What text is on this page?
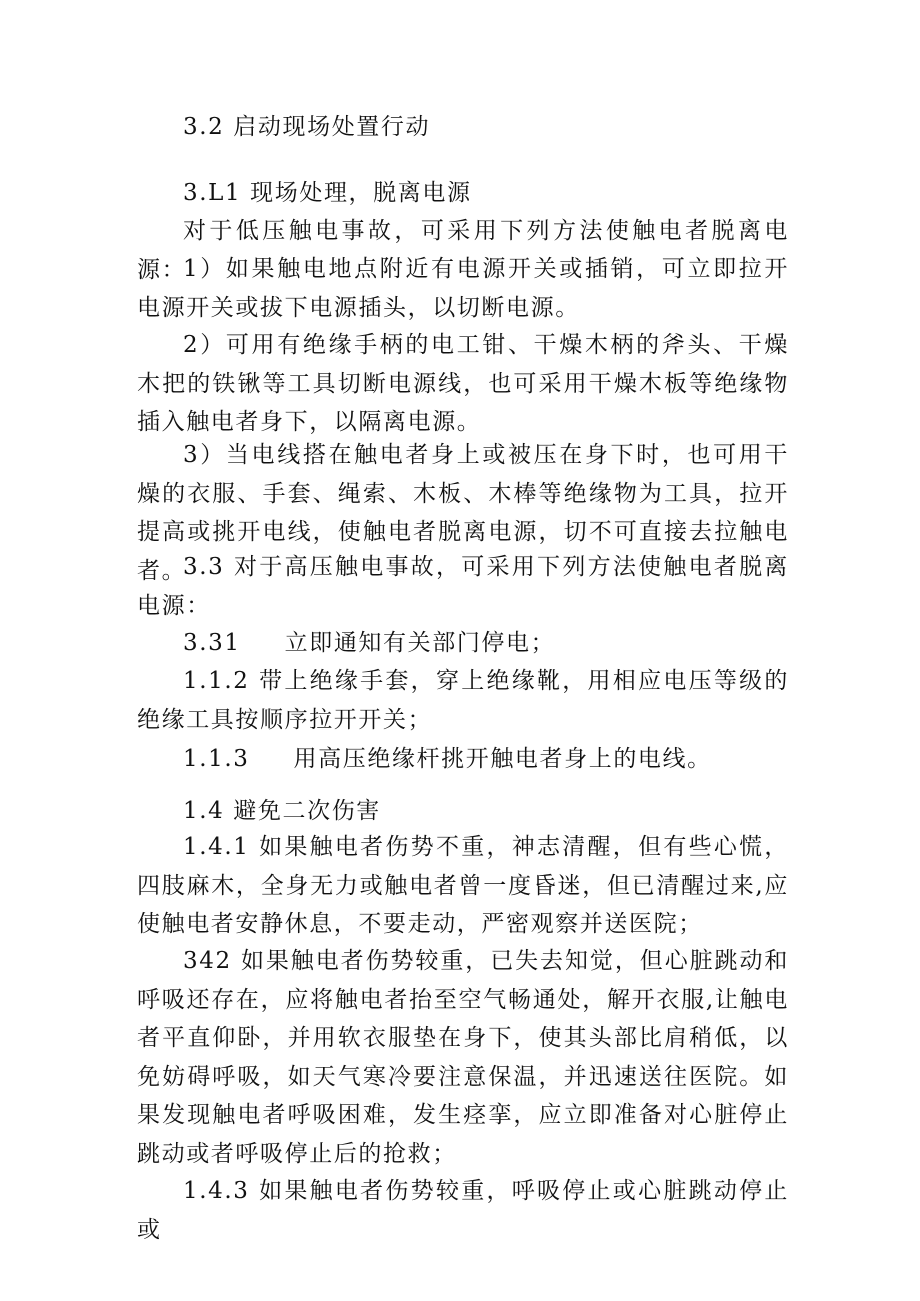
3.2 启动现场处置行动

3.L1 现场处理，脱离电源

对于低压触电事故，可采用下列方法使触电者脱离电源：

1）如果触电地点附近有电源开关或插销，可立即拉开电源开关或拔下电源插头，以切断电源。

2）可用有绝缘手柄的电工钳、干燥木柄的斧头、干燥木把的铁锹等工具切断电源线，也可采用干燥木板等绝缘物插入触电者身下，以隔离电源。

3）当电线搭在触电者身上或被压在身下时，也可用干燥的衣服、手套、绳索、木板、木棒等绝缘物为工具，拉开提高或挑开电线，使触电者脱离电源，切不可直接去拉触电者。

3.3 对于高压触电事故，可采用下列方法使触电者脱离电源：

3.31 立即通知有关部门停电；

1.1.2 带上绝缘手套，穿上绝缘靴，用相应电压等级的绝缘工具按顺序拉开开关；

1.1.3 用高压绝缘杆挑开触电者身上的电线。

1.4 避免二次伤害

1.4.1 如果触电者伤势不重，神志清醒，但有些心慌，四肢麻木，全身无力或触电者曾一度昏迷，但已清醒过来,应使触电者安静休息，不要走动，严密观察并送医院；

342 如果触电者伤势较重，已失去知觉，但心脏跳动和呼吸还存在，应将触电者抬至空气畅通处，解开衣服,让触电者平直仰卧，并用软衣服垫在身下，使其头部比肩稍低，以免妨碍呼吸，如天气寒冷要注意保温，并迅速送往医院。如果发现触电者呼吸困难，发生痉挛，应立即准备对心脏停止跳动或者呼吸停止后的抢救；

1.4.3 如果触电者伤势较重，呼吸停止或心脏跳动停止或
